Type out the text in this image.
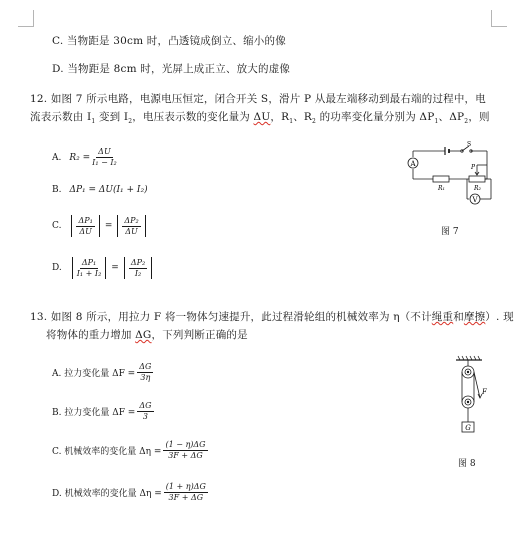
C. 当物距是 30cm 时，凸透镜成倒立、缩小的像
D. 当物距是 8cm 时，光屏上成正立、放大的虚像
12. 如图 7 所示电路，电源电压恒定，闭合开关 S，滑片 P 从最左端移动到最右端的过程中，电
流表示数由 $I_1$ 变到 $I_2$，电压表示数的变化量为 ΔU，$R_1$、$R_2$ 的功率变化量分别为 $\Delta P_1$、$\Delta P_2$，则
A. $R_2 = \frac{\Delta U}{\text{I₁ − I₂}}$
B. ΔP₁ = ΔU(I₁ + I₂)
C. $\frac{\text{ΔP₁}}{\Delta U} = \frac{\text{ΔP₂}}{\Delta U}$
D. $\frac{\text{ΔP₁}}{\text{I₁ + I₂}} = \frac{\text{ΔP₂}}{\text{I₂}}$
A
V
S
R₁	R₂
P
图 7
13. 如图 8 所示，用拉力 F 将一物体匀速提升，此过程滑轮组的机械效率为 η（不计绳重和摩擦）. 现
将物体的重力增加 ΔG，下列判断正确的是
A. 拉力变化量 $\Delta F = \frac{\Delta G}{3\eta}$
B. 拉力变化量 $\Delta F = \frac{\Delta G}{3}$
C. 机械效率的变化量 $\Delta\eta = \frac{(1 - \eta)\Delta G}{3F + \Delta G}$
D. 机械效率的变化量 $\Delta\eta = \frac{(1 + \eta)\Delta G}{3F + \Delta G}$
F
G
图 8
